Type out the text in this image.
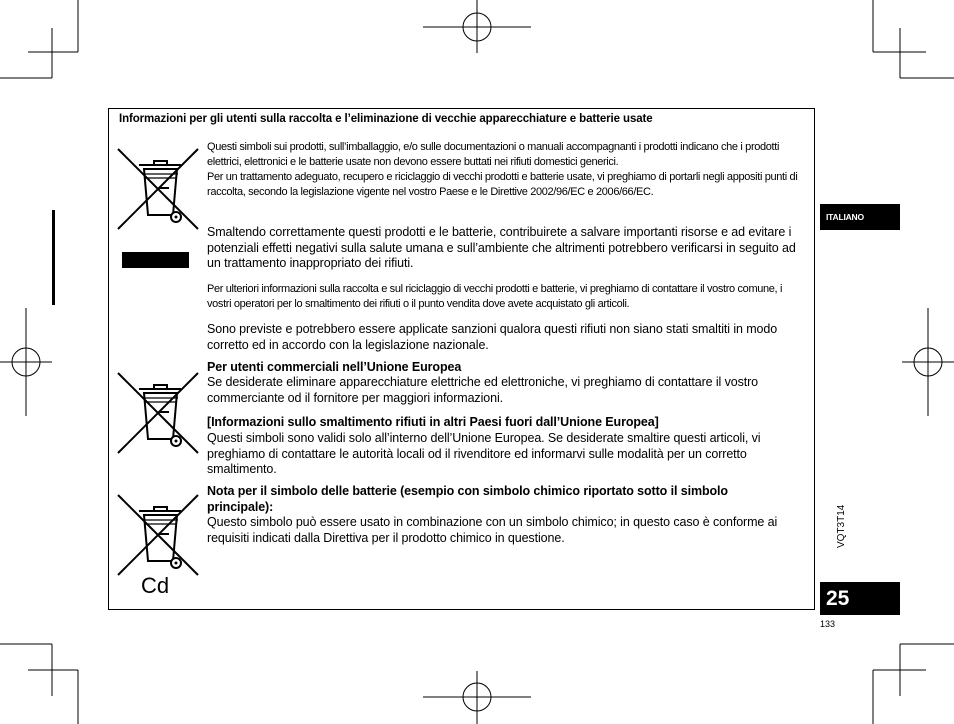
Informazioni per gli utenti sulla raccolta e l’eliminazione di vecchie apparecchiature e batterie usate
Cd
Questi simboli sui prodotti, sull’imballaggio, e/o sulle documentazioni o manuali accompagnanti i prodotti indicano che i prodotti elettrici, elettronici e le batterie usate non devono essere buttati nei rifiuti domestici generici.
Per un trattamento adeguato, recupero e riciclaggio di vecchi prodotti e batterie usate, vi preghiamo di portarli negli appositi punti di raccolta, secondo la legislazione vigente nel vostro Paese e le Direttive 2002/96/EC e 2006/66/EC.
Smaltendo correttamente questi prodotti e le batterie, contribuirete a salvare importanti risorse e ad evitare i potenziali effetti negativi sulla salute umana e sull’ambiente che altrimenti potrebbero verificarsi in seguito ad un trattamento inappropriato dei rifiuti.
Per ulteriori informazioni sulla raccolta e sul riciclaggio di vecchi prodotti e batterie, vi preghiamo di contattare il vostro comune, i vostri operatori per lo smaltimento dei rifiuti o il punto vendita dove avete acquistato gli articoli.
Sono previste e potrebbero essere applicate sanzioni qualora questi rifiuti non siano stati smaltiti in modo corretto ed in accordo con la legislazione nazionale.
Per utenti commerciali nell’Unione Europea
Se desiderate eliminare apparecchiature elettriche ed elettroniche, vi preghiamo di contattare il vostro commerciante od il fornitore per maggiori informazioni.
[Informazioni sullo smaltimento rifiuti in altri Paesi fuori dall’Unione Europea]
Questi simboli sono validi solo all’interno dell’Unione Europea. Se desiderate smaltire questi articoli, vi preghiamo di contattare le autorità locali od il rivenditore ed informarvi sulle modalità per un corretto smaltimento.
Nota per il simbolo delle batterie (esempio con simbolo chimico riportato sotto il simbolo principale):
Questo simbolo può essere usato in combinazione con un simbolo chimico; in questo caso è conforme ai requisiti indicati dalla Direttiva per il prodotto chimico in questione.
ITALIANO
VQT3T14
25
133
